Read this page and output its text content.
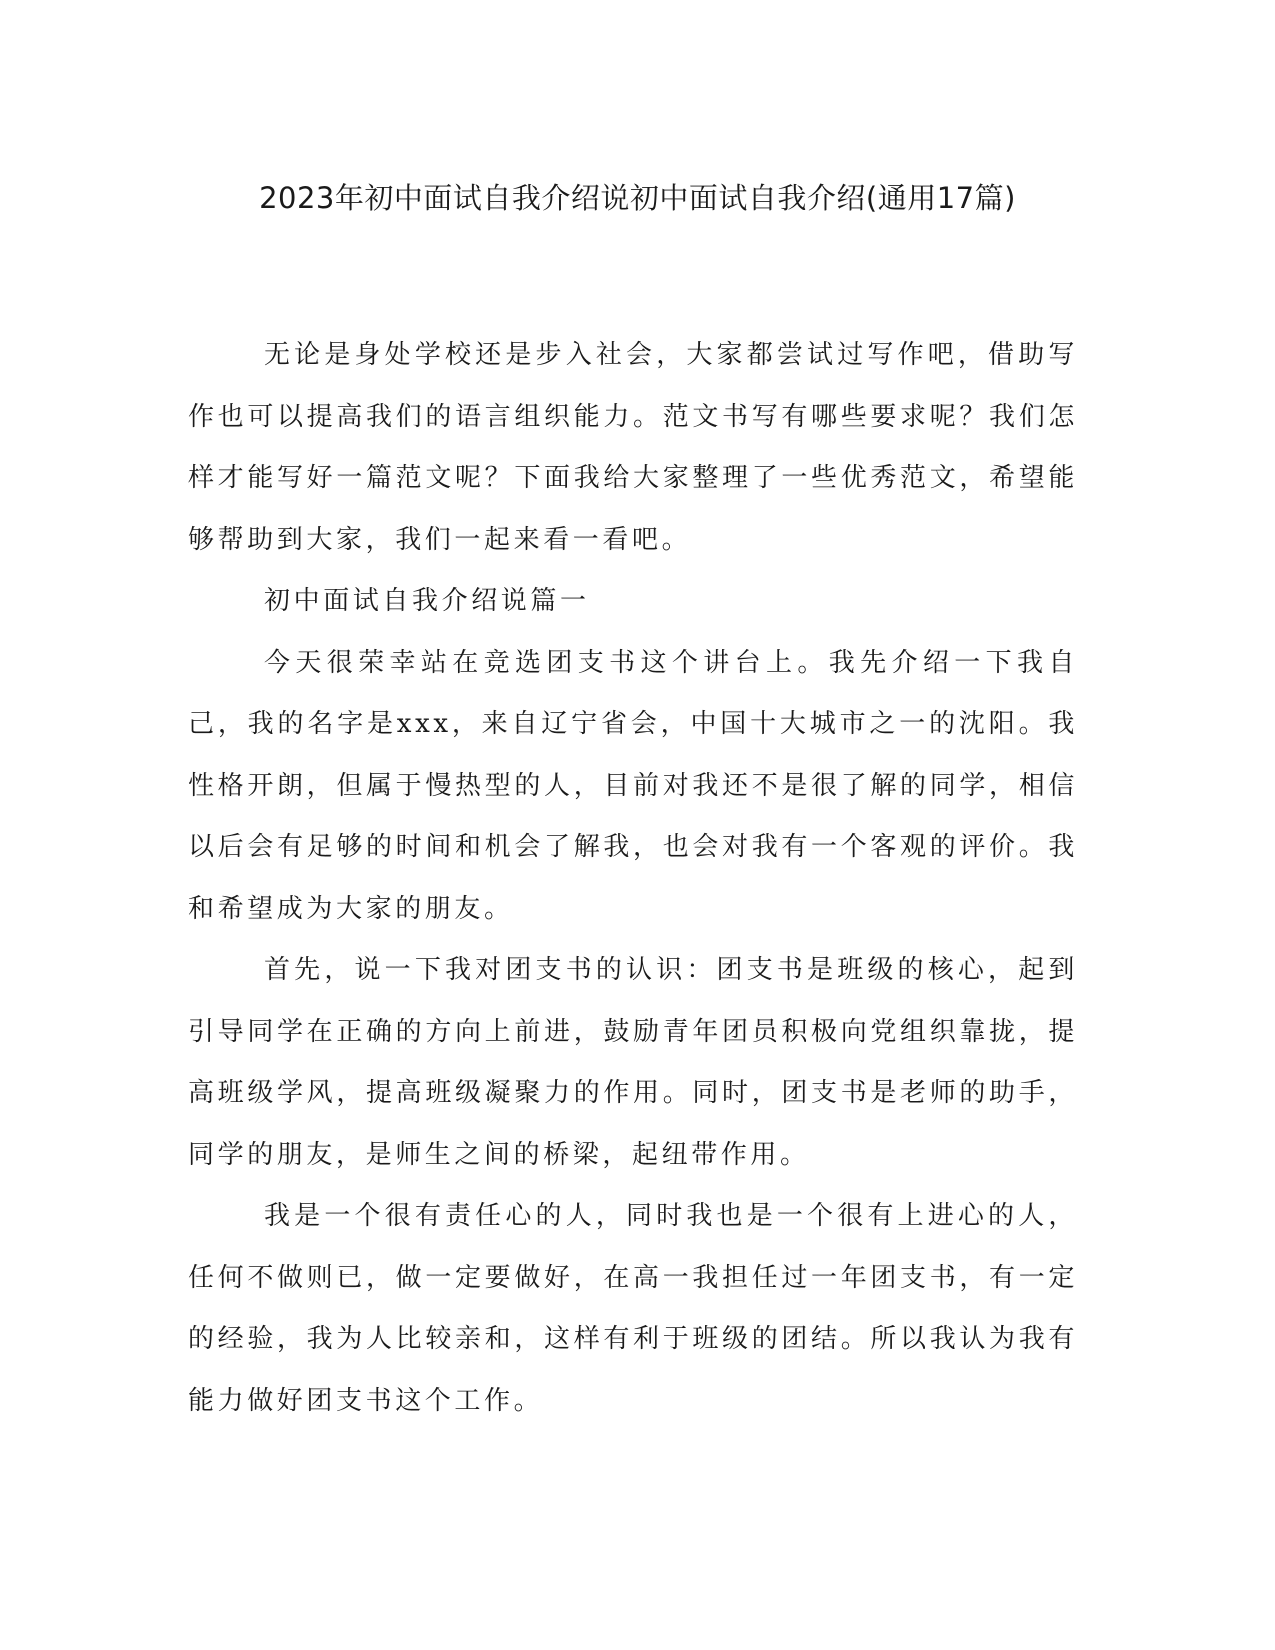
2023年初中面试自我介绍说初中面试自我介绍(通用17篇)

无论是身处学校还是步入社会，大家都尝试过写作吧，借助写作也可以提高我们的语言组织能力。范文书写有哪些要求呢？我们怎样才能写好一篇范文呢？下面我给大家整理了一些优秀范文，希望能够帮助到大家，我们一起来看一看吧。

初中面试自我介绍说篇一

今天很荣幸站在竞选团支书这个讲台上。我先介绍一下我自己，我的名字是xxx，来自辽宁省会，中国十大城市之一的沈阳。我性格开朗，但属于慢热型的人，目前对我还不是很了解的同学，相信以后会有足够的时间和机会了解我，也会对我有一个客观的评价。我和希望成为大家的朋友。

首先，说一下我对团支书的认识：团支书是班级的核心，起到引导同学在正确的方向上前进，鼓励青年团员积极向党组织靠拢，提高班级学风，提高班级凝聚力的作用。同时，团支书是老师的助手，同学的朋友，是师生之间的桥梁，起纽带作用。

我是一个很有责任心的人，同时我也是一个很有上进心的人，任何不做则已，做一定要做好，在高一我担任过一年团支书，有一定的经验，我为人比较亲和，这样有利于班级的团结。所以我认为我有能力做好团支书这个工作。
